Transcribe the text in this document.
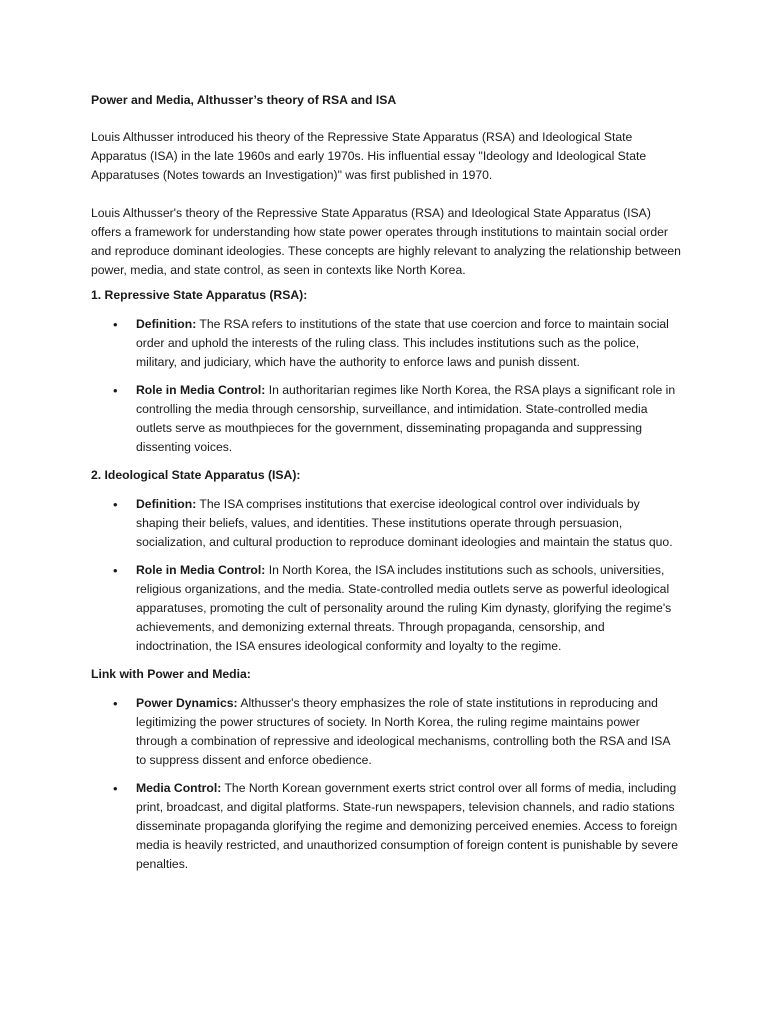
Power and Media, Althusser’s theory of RSA and ISA

Louis Althusser introduced his theory of the Repressive State Apparatus (RSA) and Ideological State Apparatus (ISA) in the late 1960s and early 1970s. His influential essay "Ideology and Ideological State Apparatuses (Notes towards an Investigation)" was first published in 1970.

Louis Althusser's theory of the Repressive State Apparatus (RSA) and Ideological State Apparatus (ISA) offers a framework for understanding how state power operates through institutions to maintain social order and reproduce dominant ideologies. These concepts are highly relevant to analyzing the relationship between power, media, and state control, as seen in contexts like North Korea.

1. Repressive State Apparatus (RSA):

• Definition: The RSA refers to institutions of the state that use coercion and force to maintain social order and uphold the interests of the ruling class. This includes institutions such as the police, military, and judiciary, which have the authority to enforce laws and punish dissent.
• Role in Media Control: In authoritarian regimes like North Korea, the RSA plays a significant role in controlling the media through censorship, surveillance, and intimidation. State-controlled media outlets serve as mouthpieces for the government, disseminating propaganda and suppressing dissenting voices.

2. Ideological State Apparatus (ISA):

• Definition: The ISA comprises institutions that exercise ideological control over individuals by shaping their beliefs, values, and identities. These institutions operate through persuasion, socialization, and cultural production to reproduce dominant ideologies and maintain the status quo.
• Role in Media Control: In North Korea, the ISA includes institutions such as schools, universities, religious organizations, and the media. State-controlled media outlets serve as powerful ideological apparatuses, promoting the cult of personality around the ruling Kim dynasty, glorifying the regime's achievements, and demonizing external threats. Through propaganda, censorship, and indoctrination, the ISA ensures ideological conformity and loyalty to the regime.

Link with Power and Media:

• Power Dynamics: Althusser's theory emphasizes the role of state institutions in reproducing and legitimizing the power structures of society. In North Korea, the ruling regime maintains power through a combination of repressive and ideological mechanisms, controlling both the RSA and ISA to suppress dissent and enforce obedience.
• Media Control: The North Korean government exerts strict control over all forms of media, including print, broadcast, and digital platforms. State-run newspapers, television channels, and radio stations disseminate propaganda glorifying the regime and demonizing perceived enemies. Access to foreign media is heavily restricted, and unauthorized consumption of foreign content is punishable by severe penalties.
